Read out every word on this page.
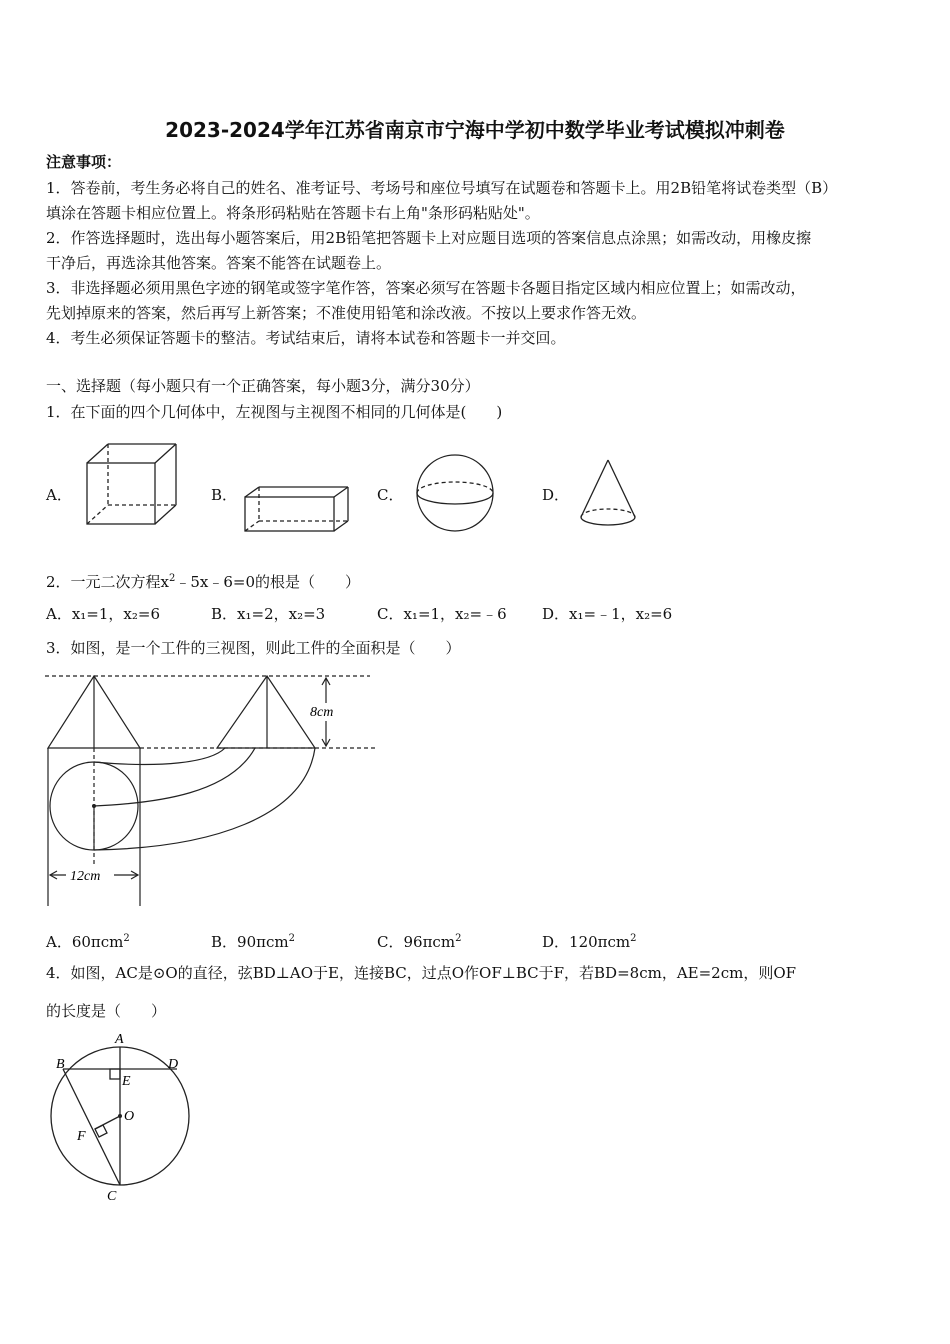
2023-2024学年江苏省南京市宁海中学初中数学毕业考试模拟冲刺卷
注意事项：
1．答卷前，考生务必将自己的姓名、准考证号、考场号和座位号填写在试题卷和答题卡上。用2B铅笔将试卷类型（B）
填涂在答题卡相应位置上。将条形码粘贴在答题卡右上角"条形码粘贴处"。
2．作答选择题时，选出每小题答案后，用2B铅笔把答题卡上对应题目选项的答案信息点涂黑；如需改动，用橡皮擦
干净后，再选涂其他答案。答案不能答在试题卷上。
3．非选择题必须用黑色字迹的钢笔或签字笔作答，答案必须写在答题卡各题目指定区域内相应位置上；如需改动，
先划掉原来的答案，然后再写上新答案；不准使用铅笔和涂改液。不按以上要求作答无效。
4．考生必须保证答题卡的整洁。考试结束后，请将本试卷和答题卡一并交回。
一、选择题（每小题只有一个正确答案，每小题3分，满分30分）
1．在下面的四个几何体中，左视图与主视图不相同的几何体是(　　)
A．	B．	C．	D．
2．一元二次方程$x^2﹣5x﹣6=0$的根是（　　）
A．x₁=1，x₂=6	B．x₁=2，x₂=3	C．x₁=1，x₂=﹣6 D．x₁=﹣1，x₂=6
3．如图，是一个工件的三视图，则此工件的全面积是（　　）
12cm
8cm
A．60πcm$^2$	B．90πcm$^2$	C．96πcm$^2$	D．120πcm$^2$
4．如图，AC是⊙O的直径，弦BD⊥AO于E，连接BC，过点O作OF⊥BC于F，若BD=8cm，AE=2cm，则OF
的长度是（　　）
A
B	D
E
O
F
C
